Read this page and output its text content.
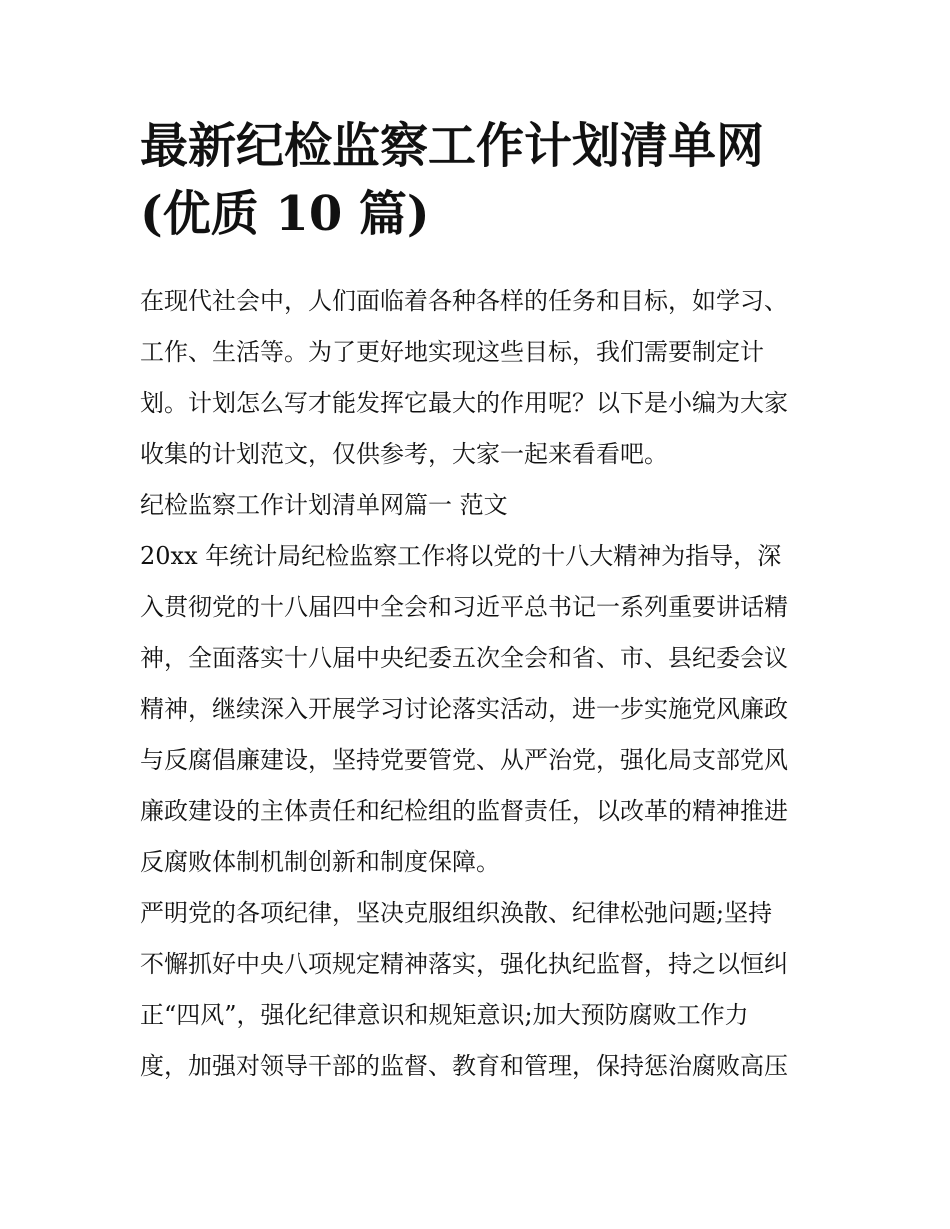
最新纪检监察工作计划清单网
(优质 10 篇)

在现代社会中，人们面临着各种各样的任务和目标，如学习、
工作、生活等。为了更好地实现这些目标，我们需要制定计
划。计划怎么写才能发挥它最大的作用呢？以下是小编为大家
收集的计划范文，仅供参考，大家一起来看看吧。

纪检监察工作计划清单网篇一 范文

20xx 年统计局纪检监察工作将以党的十八大精神为指导，深
入贯彻党的十八届四中全会和习近平总书记一系列重要讲话精
神，全面落实十八届中央纪委五次全会和省、市、县纪委会议
精神，继续深入开展学习讨论落实活动，进一步实施党风廉政
与反腐倡廉建设，坚持党要管党、从严治党，强化局支部党风
廉政建设的主体责任和纪检组的监督责任，以改革的精神推进
反腐败体制机制创新和制度保障。

严明党的各项纪律，坚决克服组织涣散、纪律松弛问题;坚持
不懈抓好中央八项规定精神落实，强化执纪监督，持之以恒纠
正“四风”，强化纪律意识和规矩意识;加大预防腐败工作力
度，加强对领导干部的监督、教育和管理，保持惩治腐败高压
